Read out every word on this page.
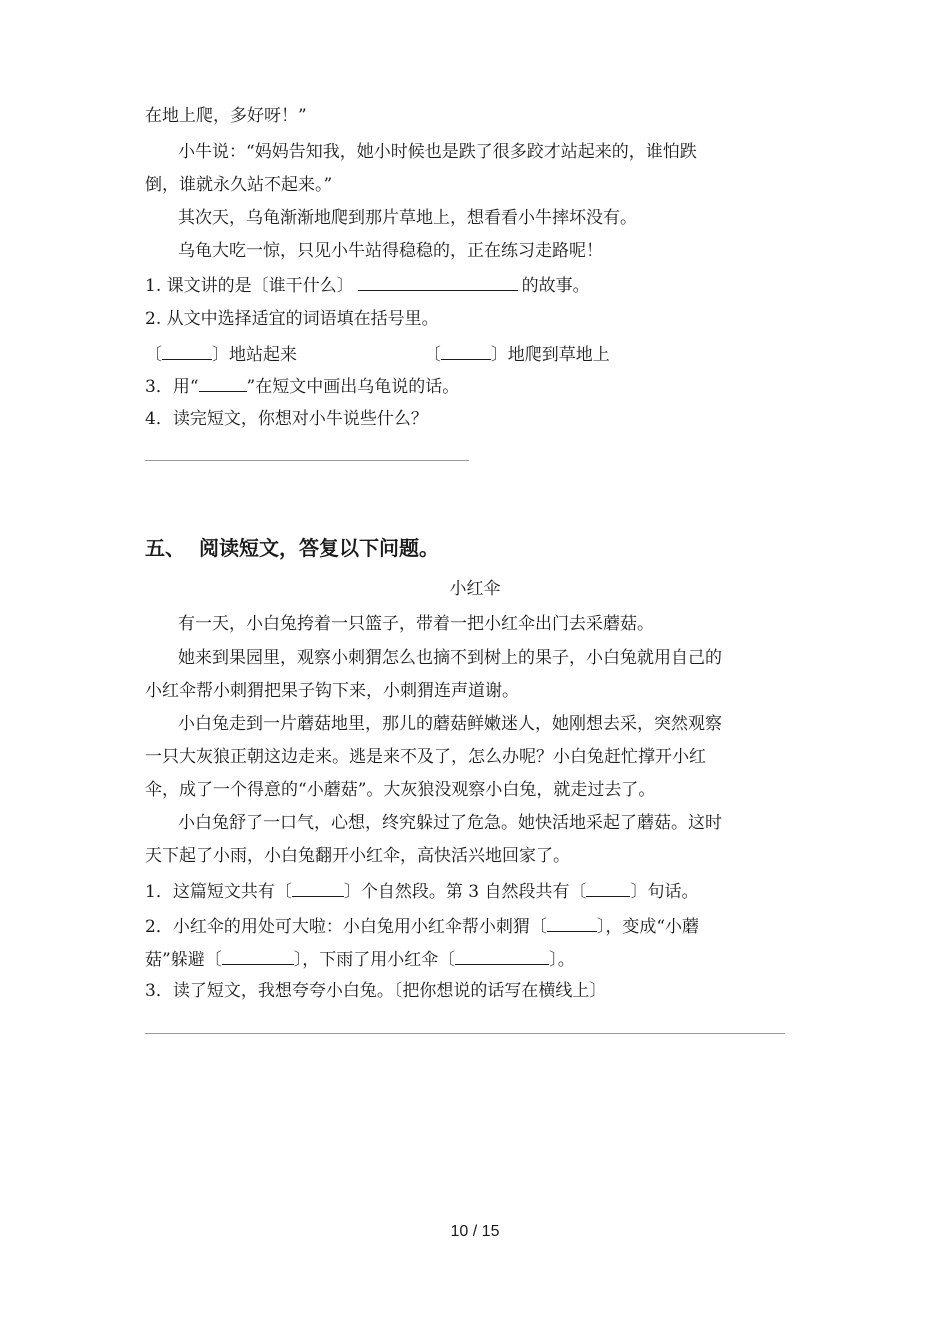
在地上爬，多好呀！”
小牛说：“妈妈告知我，她小时候也是跌了很多跤才站起来的，谁怕跌
倒，谁就永久站不起来。”
其次天，乌龟渐渐地爬到那片草地上，想看看小牛摔坏没有。
乌龟大吃一惊，只见小牛站得稳稳的，正在练习走路呢！
1. 课文讲的是〔谁干什么〕	的故事。
2. 从文中选择适宜的词语填在括号里。
〔	〕地站起来	〔	〕地爬到草地上
3．用“	”在短文中画出乌龟说的话。
4．读完短文，你想对小牛说些什么？
五、 阅读短文，答复以下问题。
小红伞
有一天，小白兔挎着一只篮子，带着一把小红伞出门去采蘑菇。
她来到果园里，观察小刺猬怎么也摘不到树上的果子，小白兔就用自己的
小红伞帮小刺猬把果子钩下来，小刺猬连声道谢。
小白兔走到一片蘑菇地里，那儿的蘑菇鲜嫩迷人，她刚想去采，突然观察
一只大灰狼正朝这边走来。逃是来不及了，怎么办呢？小白兔赶忙撑开小红
伞，成了一个得意的“小蘑菇”。大灰狼没观察小白兔，就走过去了。
小白兔舒了一口气，心想，终究躲过了危急。她快活地采起了蘑菇。这时
天下起了小雨，小白兔翻开小红伞，高快活兴地回家了。
1．这篇短文共有〔	〕个自然段。第 3 自然段共有〔	〕句话。
2．小红伞的用处可大啦：小白兔用小红伞帮小刺猬〔	〕，变成“小蘑
菇”躲避〔	〕，下雨了用小红伞〔	〕。
3．读了短文，我想夸夸小白兔。〔把你想说的话写在横线上〕
10 / 15
